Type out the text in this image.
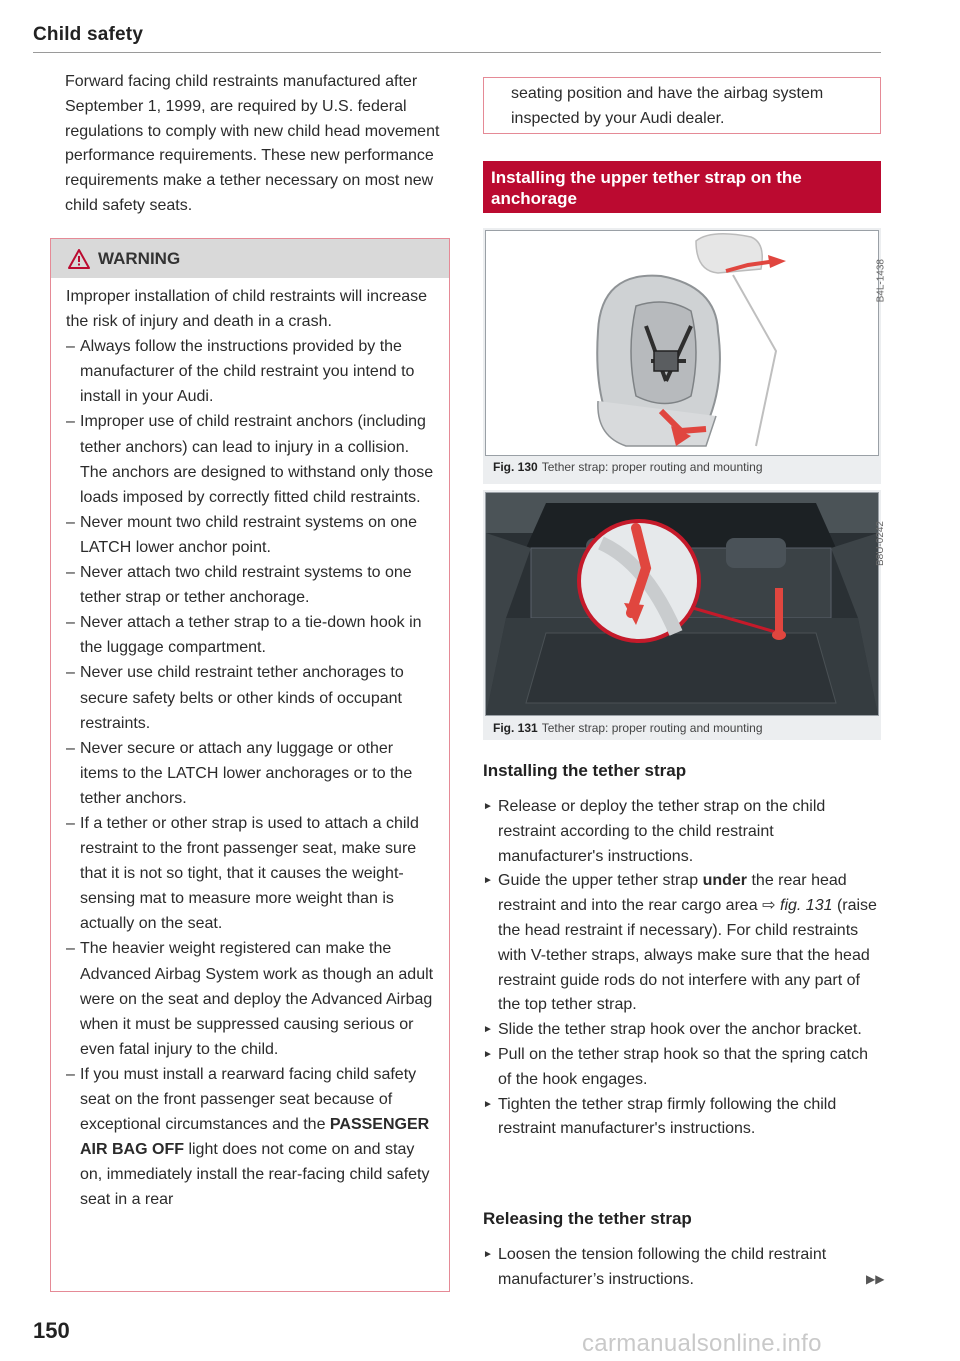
Child safety

Forward facing child restraints manufactured after September 1, 1999, are required by U.S. federal regulations to comply with new child head movement performance requirements. These new performance requirements make a tether necessary on most new child safety seats.

WARNING

Improper installation of child restraints will increase the risk of injury and death in a crash.

– Always follow the instructions provided by the manufacturer of the child restraint you intend to install in your Audi.
– Improper use of child restraint anchors (including tether anchors) can lead to injury in a collision. The anchors are designed to withstand only those loads imposed by correctly fitted child restraints.
– Never mount two child restraint systems on one LATCH lower anchor point.
– Never attach two child restraint systems to one tether strap or tether anchorage.
– Never attach a tether strap to a tie-down hook in the luggage compartment.
– Never use child restraint tether anchorages to secure safety belts or other kinds of occupant restraints.
– Never secure or attach any luggage or other items to the LATCH lower anchorages or to the tether anchors.
– If a tether or other strap is used to attach a child restraint to the front passenger seat, make sure that it is not so tight, that it causes the weight-sensing mat to measure more weight than is actually on the seat.
– The heavier weight registered can make the Advanced Airbag System work as though an adult were on the seat and deploy the Advanced Airbag when it must be suppressed causing serious or even fatal injury to the child.
– If you must install a rearward facing child safety seat on the front passenger seat because of exceptional circumstances and the PASSENGER AIR BAG OFF light does not come on and stay on, immediately install the rear-facing child safety seat in a rear
seating position and have the airbag system inspected by your Audi dealer.
Installing the upper tether strap on the anchorage
B4L-1438
Fig. 130 Tether strap: proper routing and mounting
B8U-0242
Fig. 131 Tether strap: proper routing and mounting
Installing the tether strap
► Release or deploy the tether strap on the child restraint according to the child restraint manufacturer's instructions.
► Guide the upper tether strap under the rear head restraint and into the rear cargo area ⇨ fig. 131 (raise the head restraint if necessary). For child restraints with V-tether straps, always make sure that the head restraint guide rods do not interfere with any part of the top tether strap.
► Slide the tether strap hook over the anchor bracket.
► Pull on the tether strap hook so that the spring catch of the hook engages.
► Tighten the tether strap firmly following the child restraint manufacturer's instructions.
Releasing the tether strap
► Loosen the tension following the child restraint manufacturer’s instructions.	▶▶
150	carmanualsonline.info
